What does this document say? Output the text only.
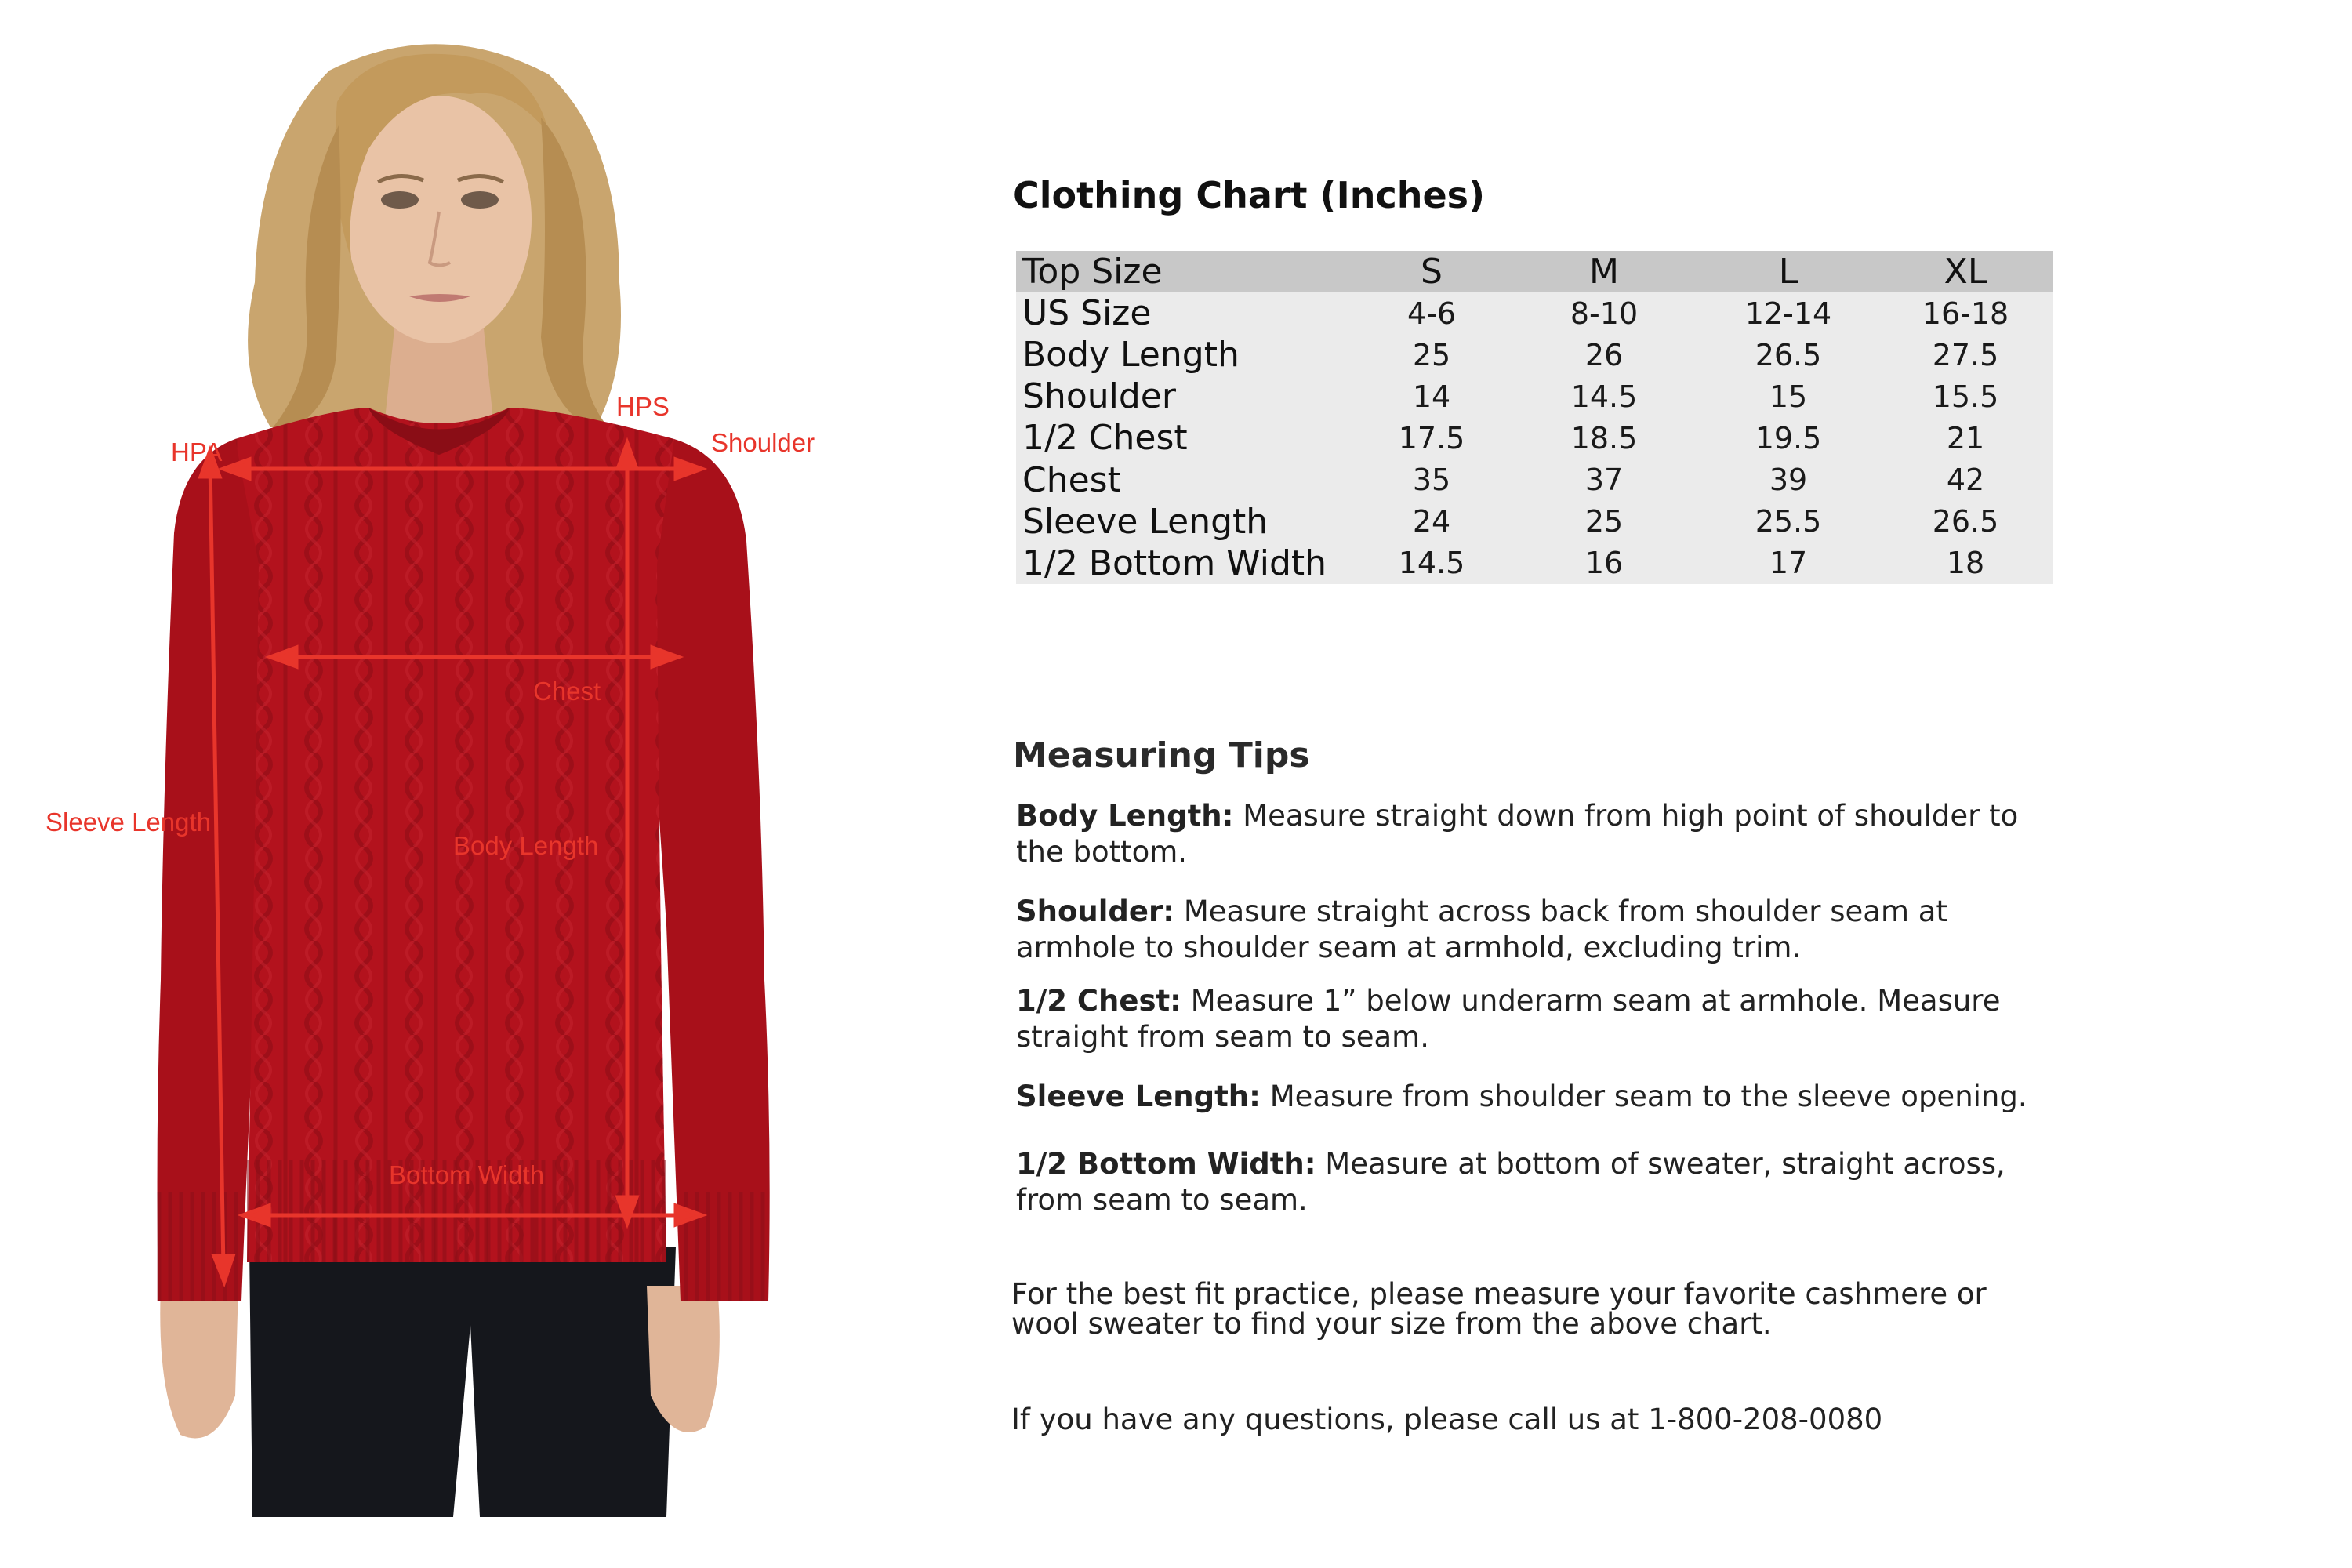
HPS
HPA	Shoulder
Chest
Sleeve Length
Body Length
Bottom Width
Clothing Chart (Inches)
Top Size	S	M	L	XL
US Size	4-6	8-10	12-14	16-18
Body Length	25	26	26.5	27.5
Shoulder	14	14.5	15	15.5
1/2 Chest	17.5	18.5	19.5	21
Chest	35	37	39	42
Sleeve Length	24	25	25.5	26.5
1/2 Bottom Width	14.5	16	17	18
Measuring Tips

Body Length: Measure straight down from high point of shoulder to the bottom.

Shoulder: Measure straight across back from shoulder seam at armhole to shoulder seam at armhold, excluding trim.

1/2 Chest: Measure 1” below underarm seam at armhole. Measure straight from seam to seam.

Sleeve Length: Measure from shoulder seam to the sleeve opening.

1/2 Bottom Width: Measure at bottom of sweater, straight across, from seam to seam.

For the best fit practice, please measure your favorite cashmere or wool sweater to find your size from the above chart.

If you have any questions, please call us at 1-800-208-0080
